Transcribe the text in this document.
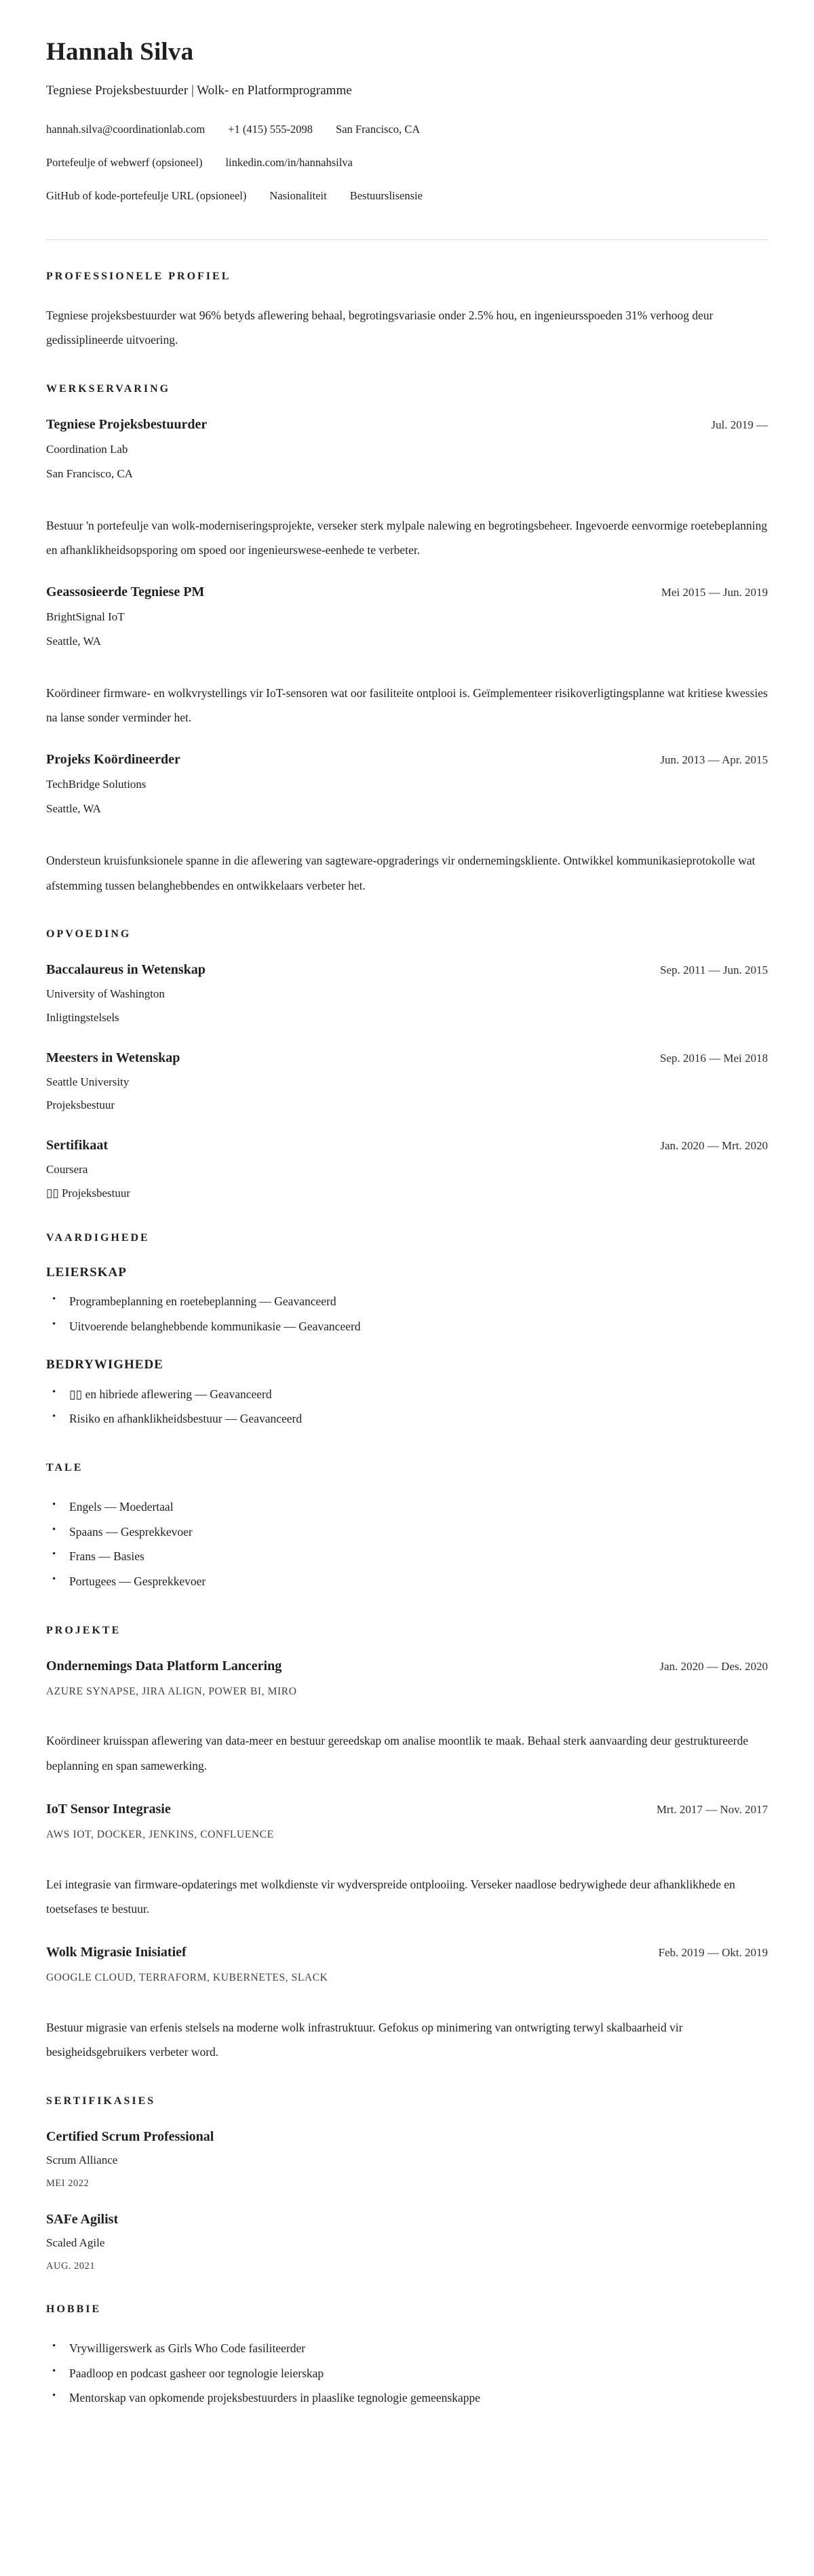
Hannah Silva

Tegniese Projeksbestuurder | Wolk- en Platformprogramme

hannah.silva@coordinationlab.com +1 (415) 555-2098 San Francisco, CA
Portefeulje of webwerf (opsioneel) linkedin.com/in/hannahsilva
GitHub of kode-portefeulje URL (opsioneel) Nasionaliteit Bestuurslisensie
PROFESSIONELE PROFIEL

Tegniese projeksbestuurder wat 96% betyds aflewering behaal, begrotingsvariasie onder 2.5% hou, en ingenieursspoeden 31% verhoog deur gedissiplineerde uitvoering.

WERKSERVARING
Tegniese Projeksbestuurder	Jul. 2019 —

Coordination Lab

San Francisco, CA

Bestuur 'n portefeulje van wolk-moderniseringsprojekte, verseker sterk mylpale nalewing en begrotingsbeheer. Ingevoerde eenvormige roetebeplanning en afhanklikheidsopsporing om spoed oor ingenieurswese-eenhede te verbeter.

Geassosieerde Tegniese PM	Mei 2015 — Jun. 2019

BrightSignal IoT

Seattle, WA

Koördineer firmware- en wolkvrystellings vir IoT-sensoren wat oor fasiliteite ontplooi is. Geïmplementeer risikoverligtingsplanne wat kritiese kwessies na lanse sonder verminder het.

Projeks Koördineerder	Jun. 2013 — Apr. 2015

TechBridge Solutions

Seattle, WA

Ondersteun kruisfunksionele spanne in die aflewering van sagteware-opgraderings vir ondernemingskliente. Ontwikkel kommunikasieprotokolle wat afstemming tussen belanghebbendes en ontwikkelaars verbeter het.

OPVOEDING
Baccalaureus in Wetenskap	Sep. 2011 — Jun. 2015

University of Washington

Inligtingstelsels

Meesters in Wetenskap	Sep. 2016 — Mei 2018

Seattle University

Projeksbestuur

Sertifikaat	Jan. 2020 — Mrt. 2020

Coursera

▯▯ Projeksbestuur

VAARDIGHEDE
LEIERSKAP
• Programbeplanning en roetebeplanning — Geavanceerd
• Uitvoerende belanghebbende kommunikasie — Geavanceerd
BEDRYWIGHEDE
• ▯▯ en hibriede aflewering — Geavanceerd
• Risiko en afhanklikheidsbestuur — Geavanceerd
TALE
• Engels — Moedertaal
• Spaans — Gesprekkevoer
• Frans — Basies
• Portugees — Gesprekkevoer
PROJEKTE
Ondernemings Data Platform Lancering	Jan. 2020 — Des. 2020

AZURE SYNAPSE, JIRA ALIGN, POWER BI, MIRO

Koördineer kruisspan aflewering van data-meer en bestuur gereedskap om analise moontlik te maak. Behaal sterk aanvaarding deur gestruktureerde beplanning en span samewerking.

IoT Sensor Integrasie	Mrt. 2017 — Nov. 2017

AWS IOT, DOCKER, JENKINS, CONFLUENCE

Lei integrasie van firmware-opdaterings met wolkdienste vir wydverspreide ontplooiing. Verseker naadlose bedrywighede deur afhanklikhede en toetsefases te bestuur.

Wolk Migrasie Inisiatief	Feb. 2019 — Okt. 2019

GOOGLE CLOUD, TERRAFORM, KUBERNETES, SLACK

Bestuur migrasie van erfenis stelsels na moderne wolk infrastruktuur. Gefokus op minimering van ontwrigting terwyl skalbaarheid vir besigheidsgebruikers verbeter word.

SERTIFIKASIES
Certified Scrum Professional

Scrum Alliance

MEI 2022

SAFe Agilist

Scaled Agile

AUG. 2021

HOBBIE
• Vrywilligerswerk as Girls Who Code fasiliteerder
• Paadloop en podcast gasheer oor tegnologie leierskap
• Mentorskap van opkomende projeksbestuurders in plaaslike tegnologie gemeenskappe
